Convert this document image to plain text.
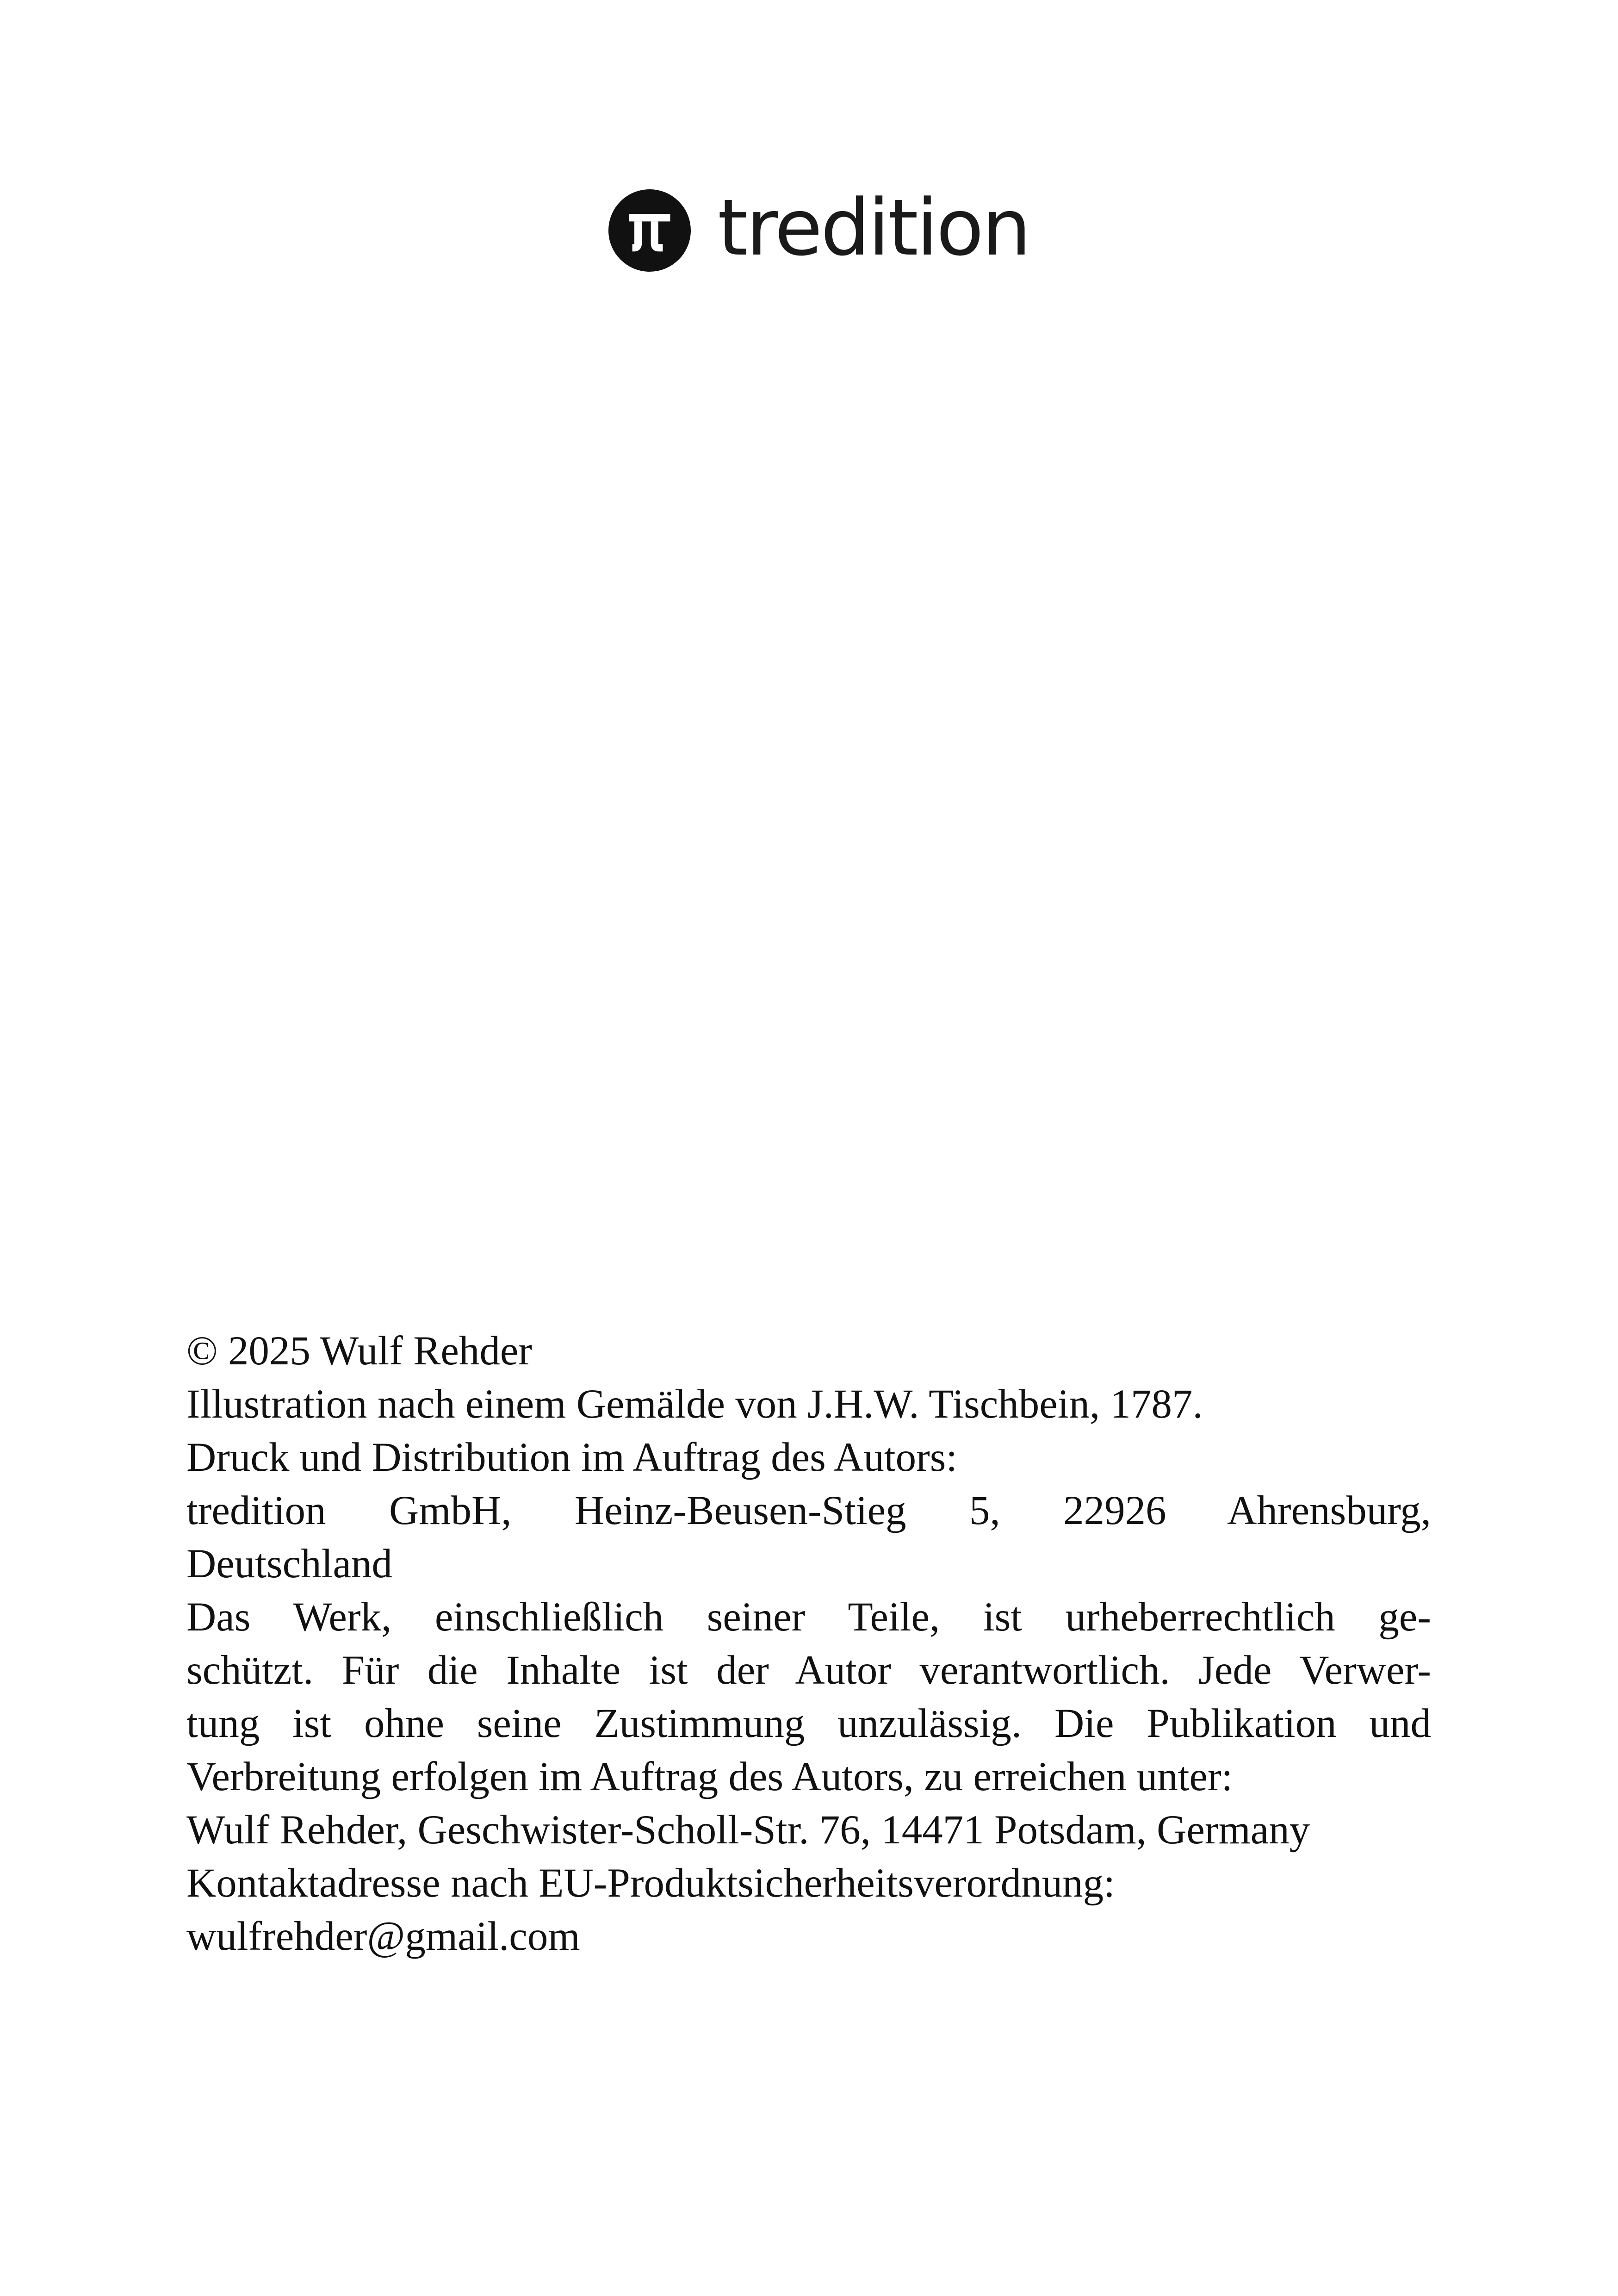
tredition
© 2025 Wulf Rehder
Illustration nach einem Gemälde von J.H.W. Tischbein, 1787.
Druck und Distribution im Auftrag des Autors:
tredition GmbH, Heinz-Beusen-Stieg 5, 22926 Ahrensburg,
Deutschland
Das Werk, einschließlich seiner Teile, ist urheberrechtlich ge-
schützt. Für die Inhalte ist der Autor verantwortlich. Jede Verwer-
tung ist ohne seine Zustimmung unzulässig. Die Publikation und
Verbreitung erfolgen im Auftrag des Autors, zu erreichen unter:
Wulf Rehder, Geschwister-Scholl-Str. 76, 14471 Potsdam, Germany
Kontaktadresse nach EU-Produktsicherheitsverordnung:
wulfrehder@gmail.com
